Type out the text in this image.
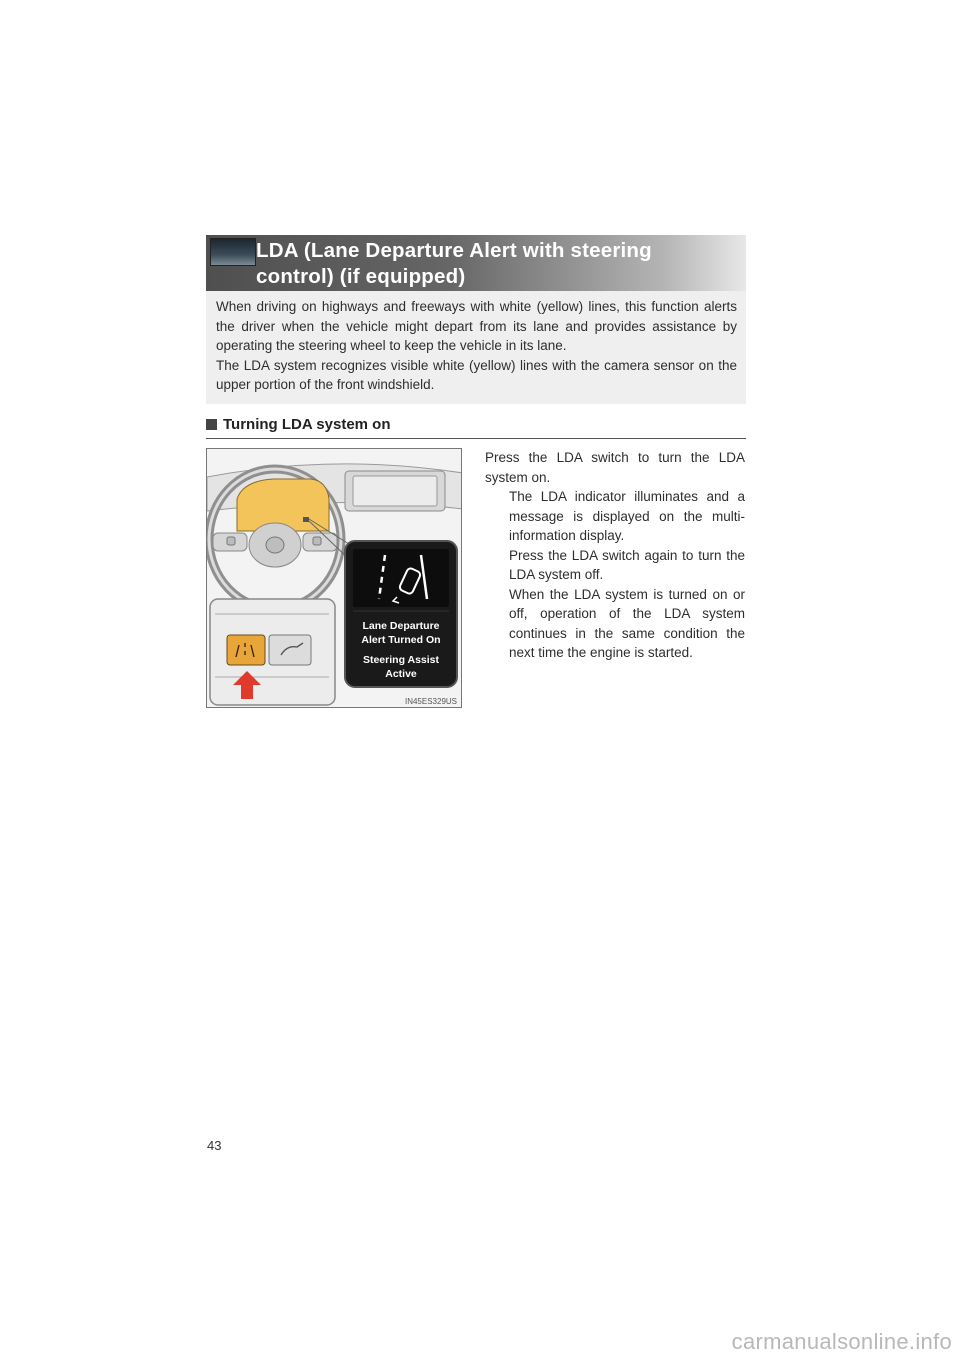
LDA (Lane Departure Alert with steering control) (if equipped)

When driving on highways and freeways with white (yellow) lines, this function alerts the driver when the vehicle might depart from its lane and provides assistance by operating the steering wheel to keep the vehicle in its lane.

The LDA system recognizes visible white (yellow) lines with the camera sensor on the upper portion of the front windshield.

Turning LDA system on
Lane Departure
Alert Turned On
Steering Assist
Active
IN45ES329US

Press the LDA switch to turn the LDA system on.

The LDA indicator illuminates and a message is displayed on the multi-information display.

Press the LDA switch again to turn the LDA system off.

When the LDA system is turned on or off, operation of the LDA system continues in the same condition the next time the engine is started.

43
carmanualsonline.info
